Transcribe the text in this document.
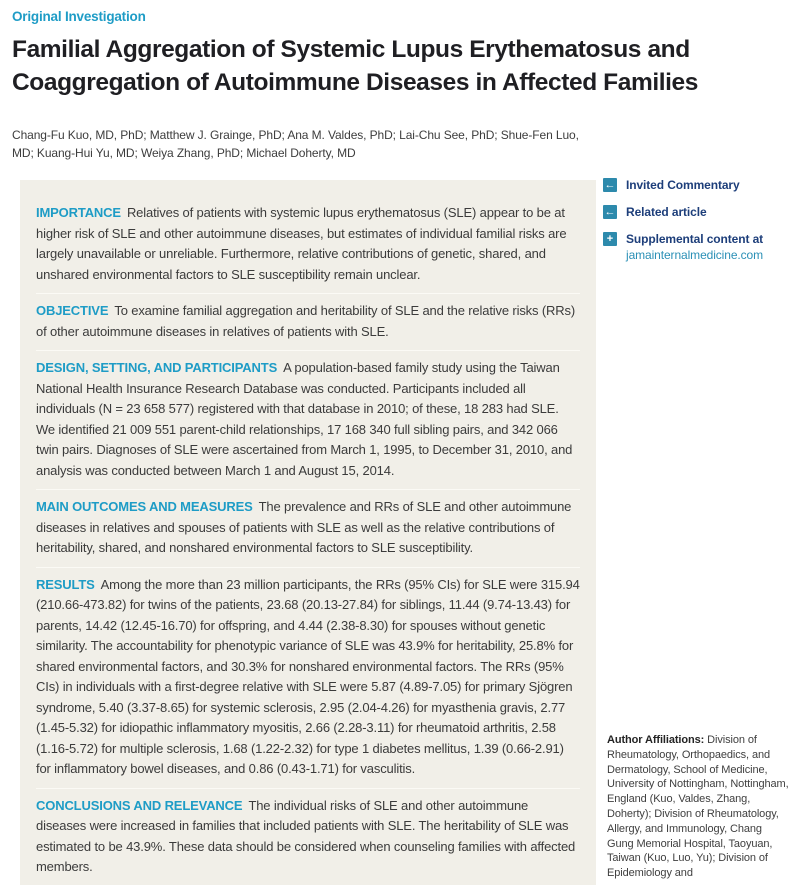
Original Investigation
Familial Aggregation of Systemic Lupus Erythematosus and Coaggregation of Autoimmune Diseases in Affected Families
Chang-Fu Kuo, MD, PhD; Matthew J. Grainge, PhD; Ana M. Valdes, PhD; Lai-Chu See, PhD; Shue-Fen Luo, MD; Kuang-Hui Yu, MD; Weiya Zhang, PhD; Michael Doherty, MD
IMPORTANCE Relatives of patients with systemic lupus erythematosus (SLE) appear to be at higher risk of SLE and other autoimmune diseases, but estimates of individual familial risks are largely unavailable or unreliable. Furthermore, relative contributions of genetic, shared, and unshared environmental factors to SLE susceptibility remain unclear.
OBJECTIVE To examine familial aggregation and heritability of SLE and the relative risks (RRs) of other autoimmune diseases in relatives of patients with SLE.
DESIGN, SETTING, AND PARTICIPANTS A population-based family study using the Taiwan National Health Insurance Research Database was conducted. Participants included all individuals (N = 23 658 577) registered with that database in 2010; of these, 18 283 had SLE. We identified 21 009 551 parent-child relationships, 17 168 340 full sibling pairs, and 342 066 twin pairs. Diagnoses of SLE were ascertained from March 1, 1995, to December 31, 2010, and analysis was conducted between March 1 and August 15, 2014.
MAIN OUTCOMES AND MEASURES The prevalence and RRs of SLE and other autoimmune diseases in relatives and spouses of patients with SLE as well as the relative contributions of heritability, shared, and nonshared environmental factors to SLE susceptibility.
RESULTS Among the more than 23 million participants, the RRs (95% CIs) for SLE were 315.94 (210.66-473.82) for twins of the patients, 23.68 (20.13-27.84) for siblings, 11.44 (9.74-13.43) for parents, 14.42 (12.45-16.70) for offspring, and 4.44 (2.38-8.30) for spouses without genetic similarity. The accountability for phenotypic variance of SLE was 43.9% for heritability, 25.8% for shared environmental factors, and 30.3% for nonshared environmental factors. The RRs (95% CIs) in individuals with a first-degree relative with SLE were 5.87 (4.89-7.05) for primary Sjögren syndrome, 5.40 (3.37-8.65) for systemic sclerosis, 2.95 (2.04-4.26) for myasthenia gravis, 2.77 (1.45-5.32) for idiopathic inflammatory myositis, 2.66 (2.28-3.11) for rheumatoid arthritis, 2.58 (1.16-5.72) for multiple sclerosis, 1.68 (1.22-2.32) for type 1 diabetes mellitus, 1.39 (0.66-2.91) for inflammatory bowel diseases, and 0.86 (0.43-1.71) for vasculitis.
CONCLUSIONS AND RELEVANCE The individual risks of SLE and other autoimmune diseases were increased in families that included patients with SLE. The heritability of SLE was estimated to be 43.9%. These data should be considered when counseling families with affected members.
← Invited Commentary
← Related article
+	Supplemental content at
jamainternalmedicine.com
Author Affiliations: Division of Rheumatology, Orthopaedics, and Dermatology, School of Medicine, University of Nottingham, Nottingham, England (Kuo, Valdes, Zhang, Doherty); Division of Rheumatology, Allergy, and Immunology, Chang Gung Memorial Hospital, Taoyuan, Taiwan (Kuo, Luo, Yu); Division of Epidemiology and
